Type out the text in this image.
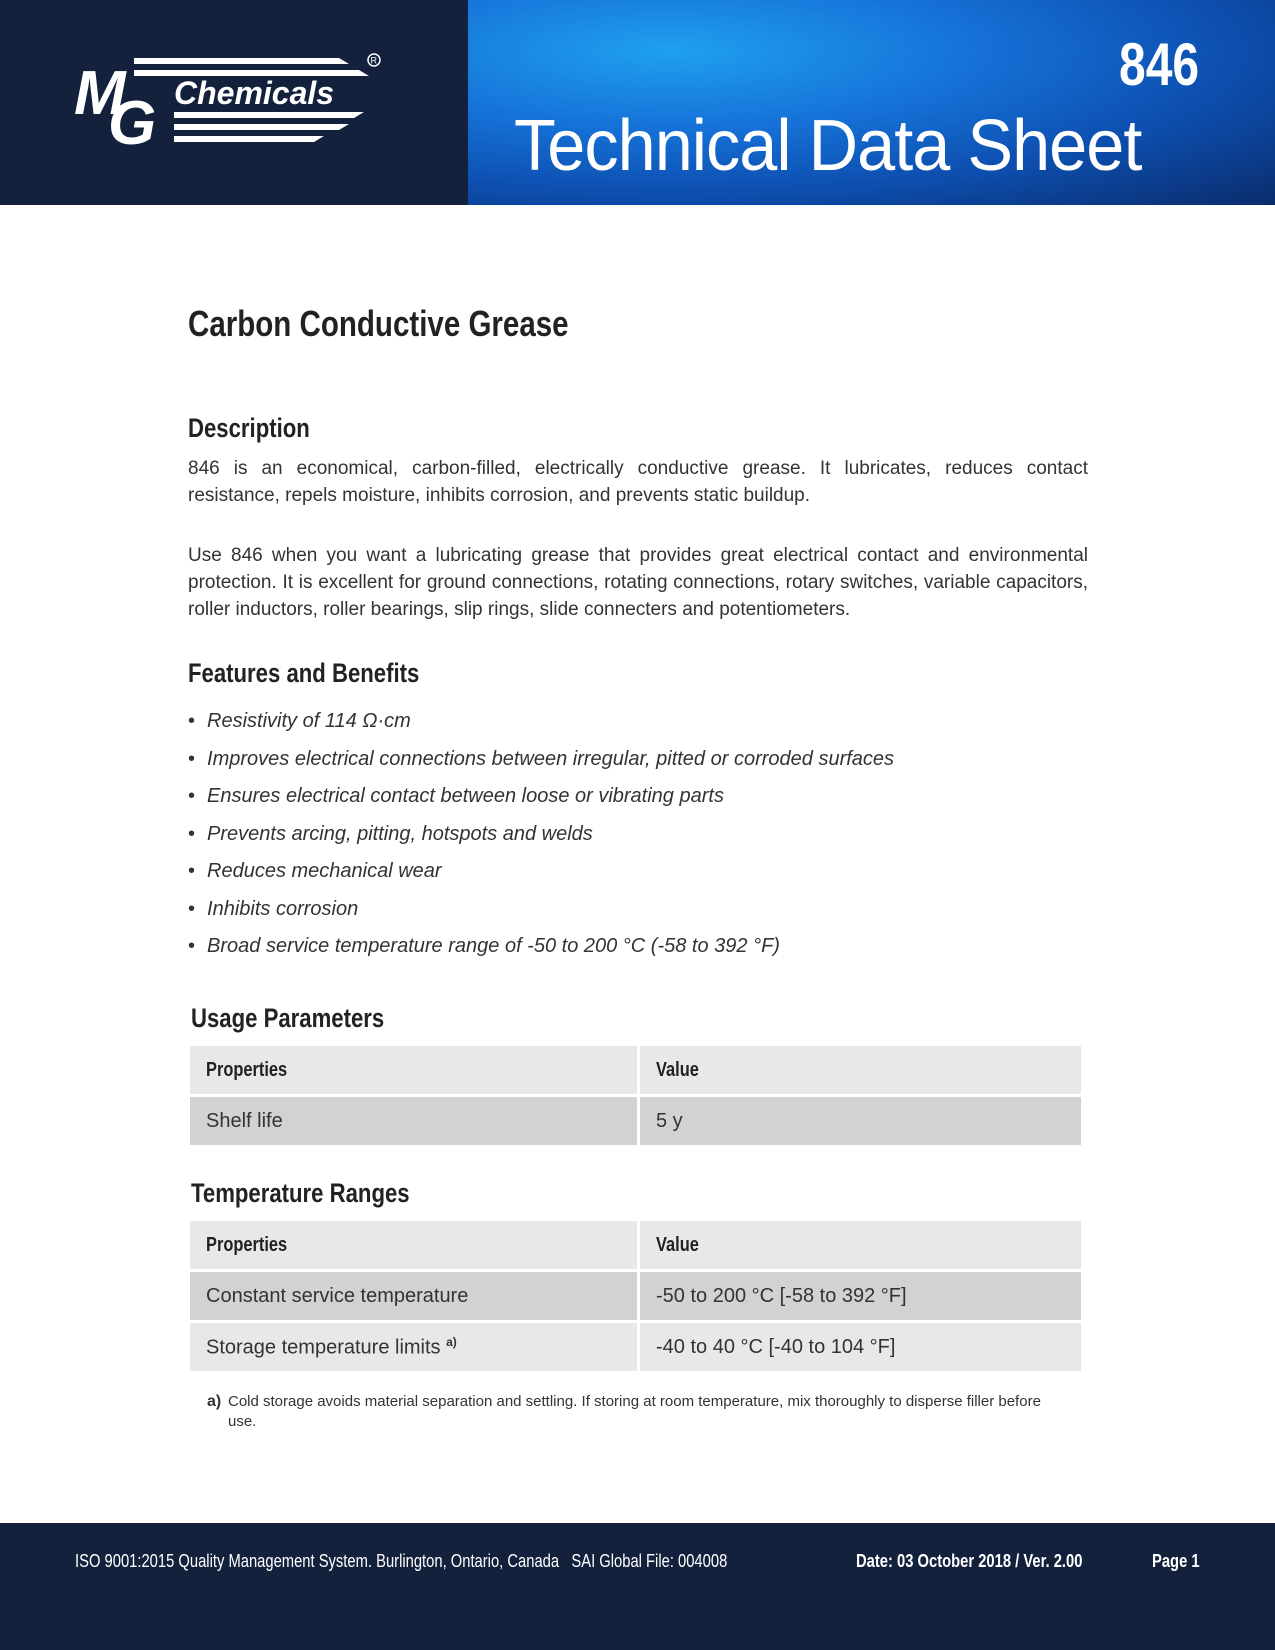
M
G Chemicals
R	846
Technical Data Sheet
Carbon Conductive Grease
Description
846 is an economical, carbon-filled, electrically conductive grease. It lubricates, reduces contact resistance, repels moisture, inhibits corrosion, and prevents static buildup.
Use 846 when you want a lubricating grease that provides great electrical contact and environmental protection. It is excellent for ground connections, rotating connections, rotary switches, variable capacitors, roller inductors, roller bearings, slip rings, slide connecters and potentiometers.
Features and Benefits
• Resistivity of 114 Ω·cm
• Improves electrical connections between irregular, pitted or corroded surfaces
• Ensures electrical contact between loose or vibrating parts
• Prevents arcing, pitting, hotspots and welds
• Reduces mechanical wear
• Inhibits corrosion
• Broad service temperature range of -50 to 200 °C (-58 to 392 °F)
Usage Parameters
Properties	Value
Shelf life	5 y
Temperature Ranges
Properties	Value
Constant service temperature	-50 to 200 °C [-58 to 392 °F]
Storage temperature limits $^{a)}$	-40 to 40 °C [-40 to 104 °F]
a) Cold storage avoids material separation and settling. If storing at room temperature, mix thoroughly to disperse filler before use.
ISO 9001:2015 Quality Management System. Burlington, Ontario, Canada   SAI Global File: 004008	Date: 03 October 2018 / Ver. 2.00	Page 1
